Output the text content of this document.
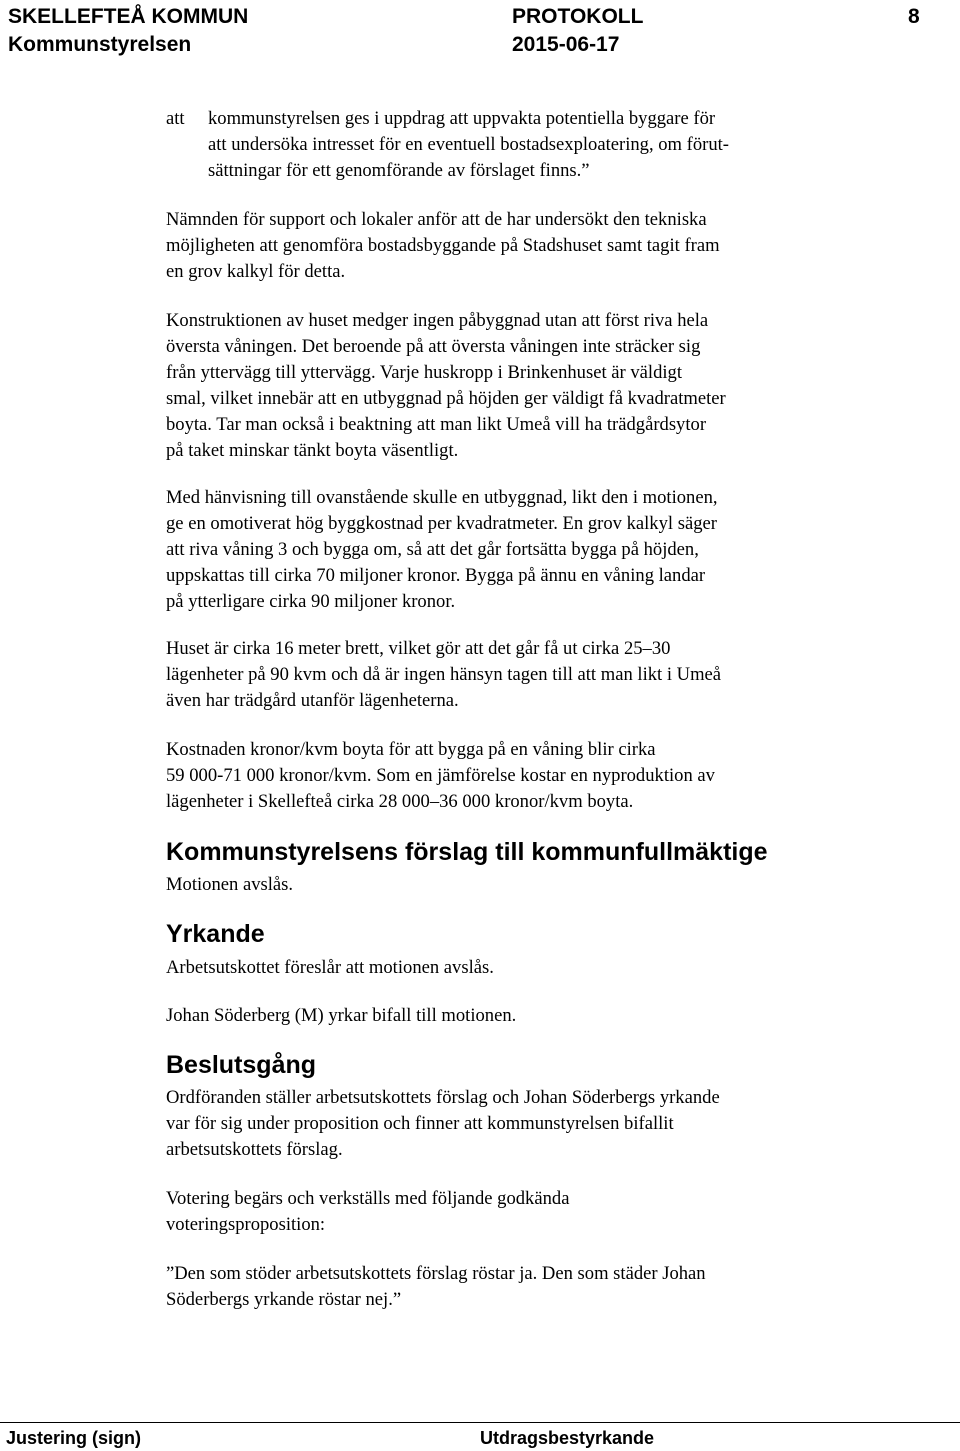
SKELLEFTEÅ KOMMUN
Kommunstyrelsen
PROTOKOLL
2015-06-17
8
att kommunstyrelsen ges i uppdrag att uppvakta potentiella byggare för
att undersöka intresset för en eventuell bostadsexploatering, om förut-
sättningar för ett genomförande av förslaget finns.”
Nämnden för support och lokaler anför att de har undersökt den tekniska
möjligheten att genomföra bostadsbyggande på Stadshuset samt tagit fram
en grov kalkyl för detta.
Konstruktionen av huset medger ingen påbyggnad utan att först riva hela
översta våningen. Det beroende på att översta våningen inte sträcker sig
från yttervägg till yttervägg. Varje huskropp i Brinkenhuset är väldigt
smal, vilket innebär att en utbyggnad på höjden ger väldigt få kvadratmeter
boyta. Tar man också i beaktning att man likt Umeå vill ha trädgårdsytor
på taket minskar tänkt boyta väsentligt.
Med hänvisning till ovanstående skulle en utbyggnad, likt den i motionen,
ge en omotiverat hög byggkostnad per kvadratmeter. En grov kalkyl säger
att riva våning 3 och bygga om, så att det går fortsätta bygga på höjden,
uppskattas till cirka 70 miljoner kronor. Bygga på ännu en våning landar
på ytterligare cirka 90 miljoner kronor.
Huset är cirka 16 meter brett, vilket gör att det går få ut cirka 25–30
lägenheter på 90 kvm och då är ingen hänsyn tagen till att man likt i Umeå
även har trädgård utanför lägenheterna.
Kostnaden kronor/kvm boyta för att bygga på en våning blir cirka
59 000-71 000 kronor/kvm. Som en jämförelse kostar en nyproduktion av
lägenheter i Skellefteå cirka 28 000–36 000 kronor/kvm boyta.
Kommunstyrelsens förslag till kommunfullmäktige
Motionen avslås.
Yrkande
Arbetsutskottet föreslår att motionen avslås.
Johan Söderberg (M) yrkar bifall till motionen.
Beslutsgång
Ordföranden ställer arbetsutskottets förslag och Johan Söderbergs yrkande
var för sig under proposition och finner att kommunstyrelsen bifallit
arbetsutskottets förslag.
Votering begärs och verkställs med följande godkända
voteringsproposition:
”Den som stöder arbetsutskottets förslag röstar ja. Den som städer Johan
Söderbergs yrkande röstar nej.”
Justering (sign)	Utdragsbestyrkande
